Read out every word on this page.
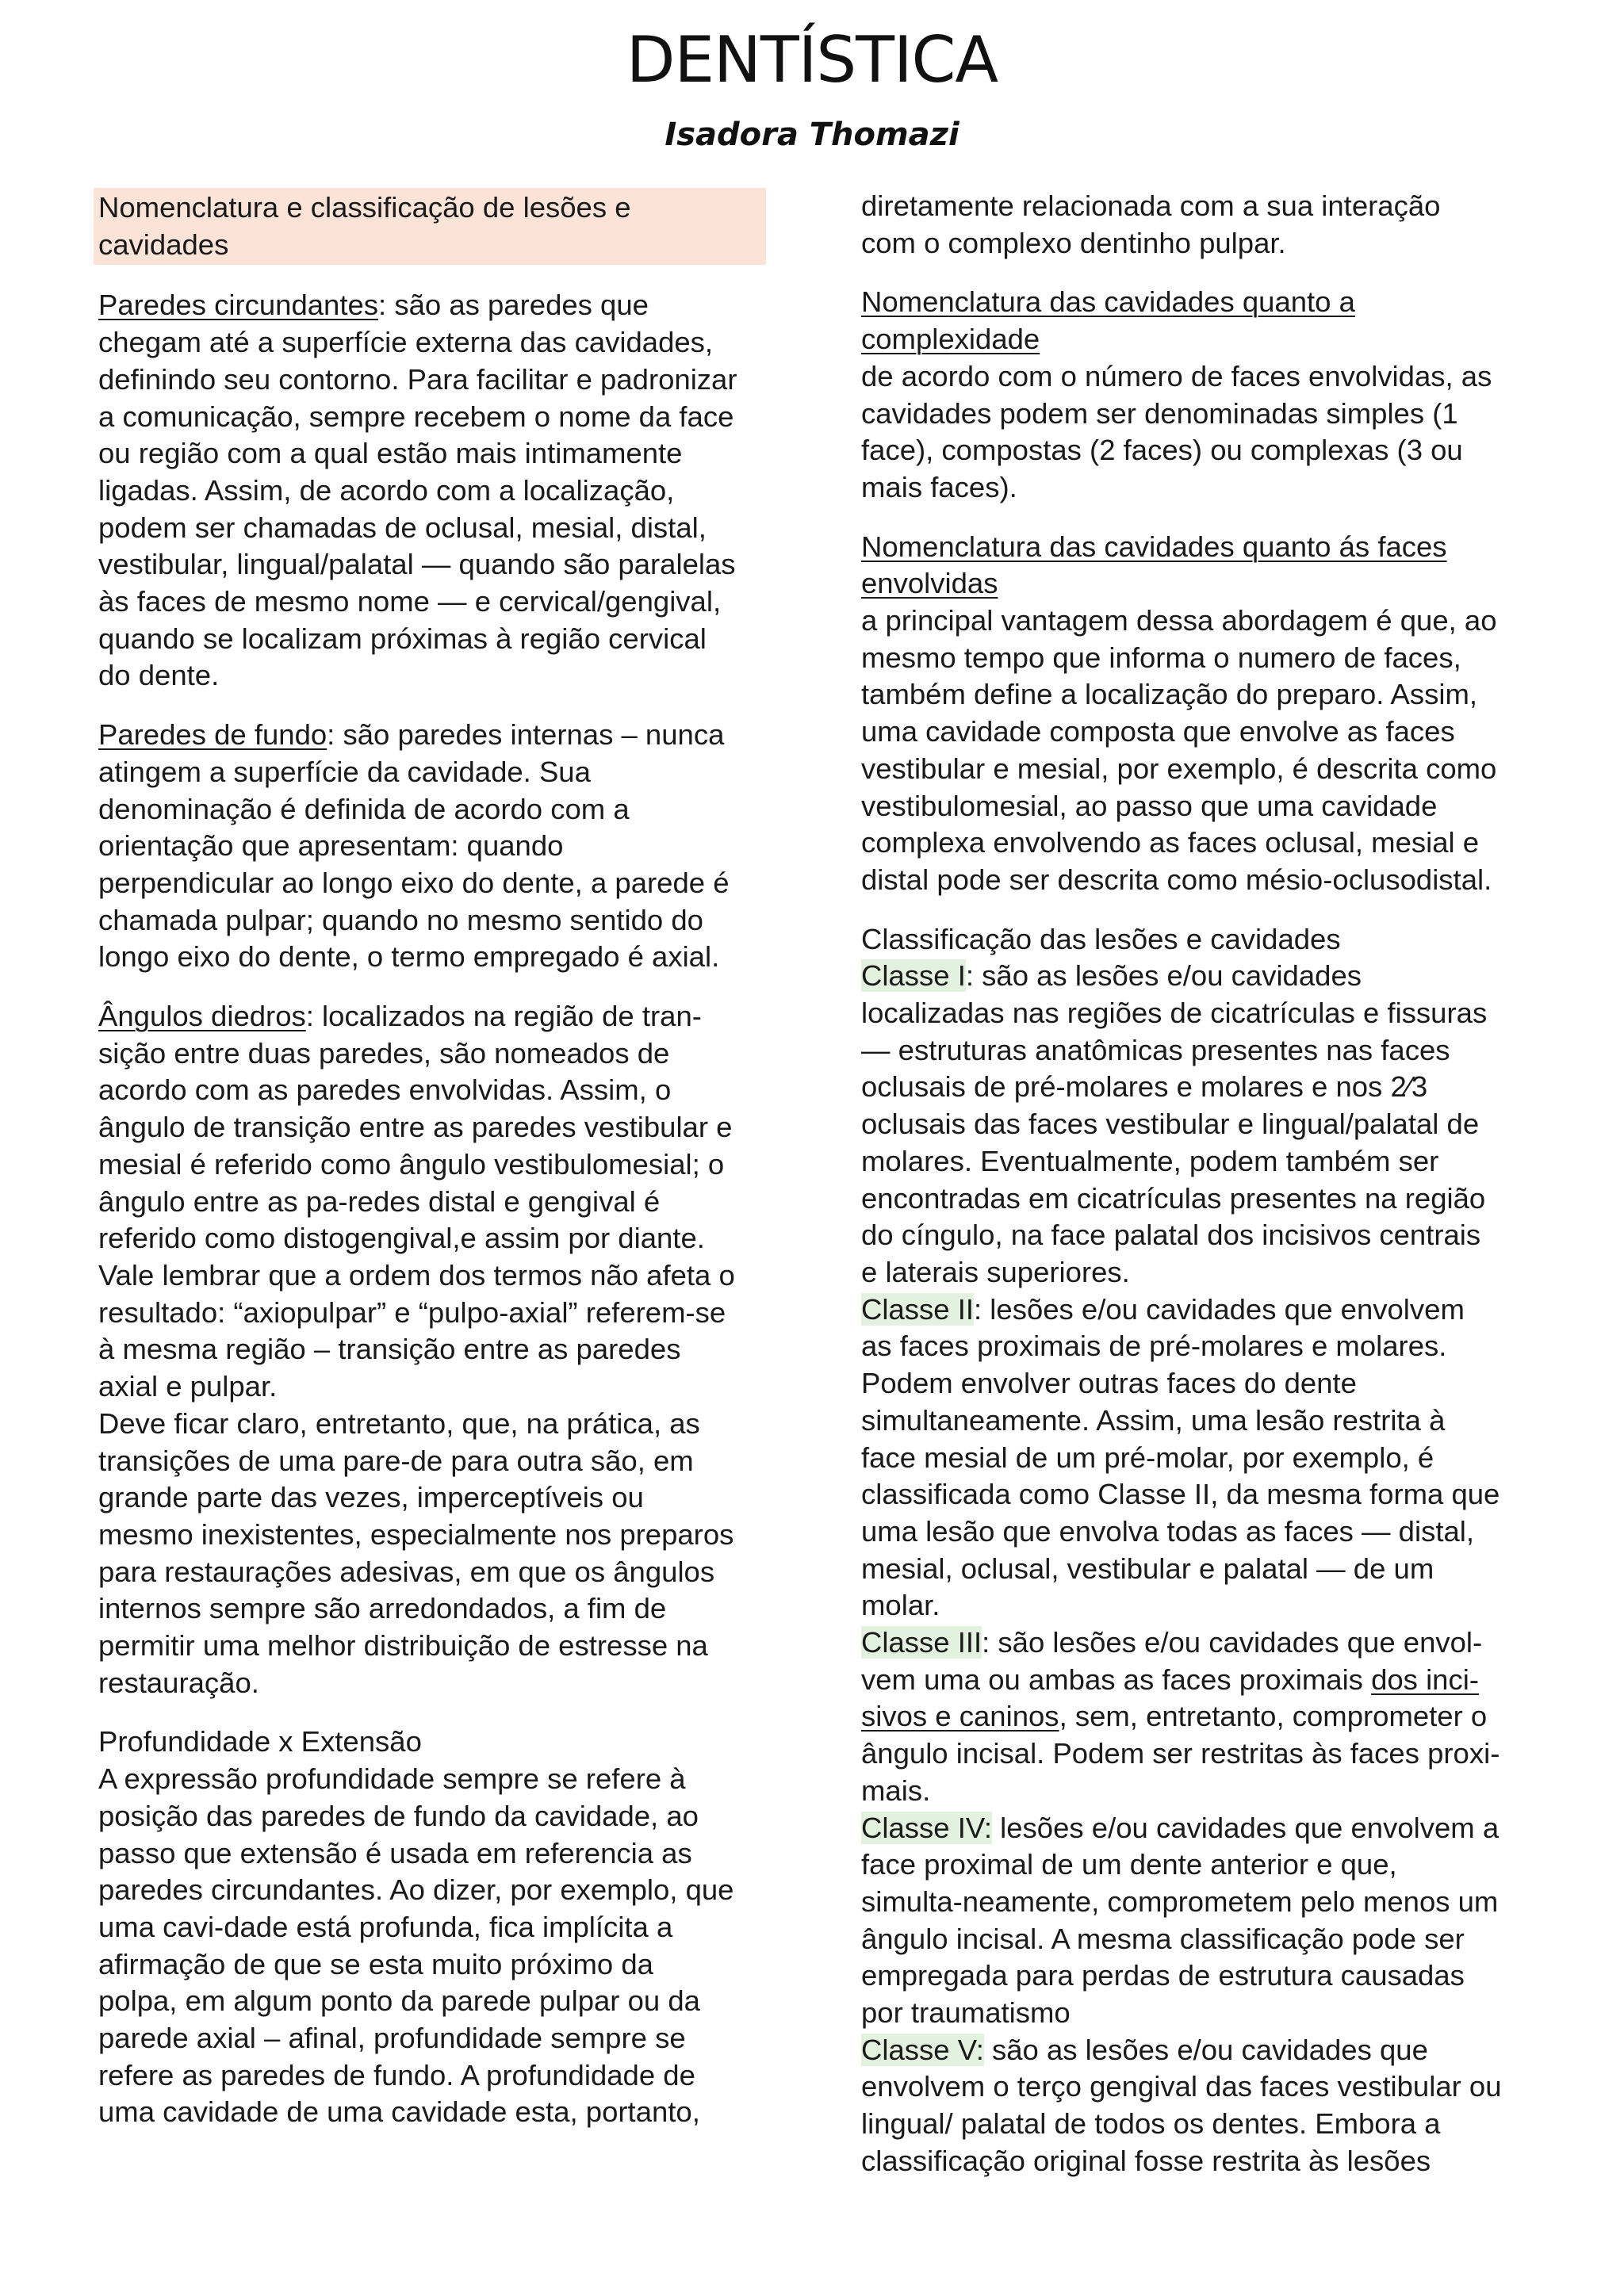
DENTÍSTICA
Isadora Thomazi
Nomenclatura e classificação de lesões e
cavidades
Paredes circundantes: são as paredes que
chegam até a superfície externa das cavidades,
definindo seu contorno. Para facilitar e padronizar
a comunicação, sempre recebem o nome da face
ou região com a qual estão mais intimamente
ligadas. Assim, de acordo com a localização,
podem ser chamadas de oclusal, mesial, distal,
vestibular, lingual/palatal — quando são paralelas
às faces de mesmo nome — e cervical/gengival,
quando se localizam próximas à região cervical
do dente.
Paredes de fundo: são paredes internas – nunca
atingem a superfície da cavidade. Sua
denominação é definida de acordo com a
orientação que apresentam: quando
perpendicular ao longo eixo do dente, a parede é
chamada pulpar; quando no mesmo sentido do
longo eixo do dente, o termo empregado é axial.
Ângulos diedros: localizados na região de tran-
sição entre duas paredes, são nomeados de
acordo com as paredes envolvidas. Assim, o
ângulo de transição entre as paredes vestibular e
mesial é referido como ângulo vestibulomesial; o
ângulo entre as pa-redes distal e gengival é
referido como distogengival,e assim por diante.
Vale lembrar que a ordem dos termos não afeta o
resultado: “axiopulpar” e “pulpo-axial” referem-se
à mesma região – transição entre as paredes
axial e pulpar.
Deve ficar claro, entretanto, que, na prática, as
transições de uma pare-de para outra são, em
grande parte das vezes, imperceptíveis ou
mesmo inexistentes, especialmente nos preparos
para restaurações adesivas, em que os ângulos
internos sempre são arredondados, a fim de
permitir uma melhor distribuição de estresse na
restauração.
Profundidade x Extensão
A expressão profundidade sempre se refere à
posição das paredes de fundo da cavidade, ao
passo que extensão é usada em referencia as
paredes circundantes. Ao dizer, por exemplo, que
uma cavi-dade está profunda, fica implícita a
afirmação de que se esta muito próximo da
polpa, em algum ponto da parede pulpar ou da
parede axial – afinal, profundidade sempre se
refere as paredes de fundo. A profundidade de
uma cavidade de uma cavidade esta, portanto,
diretamente relacionada com a sua interação
com o complexo dentinho pulpar.
Nomenclatura das cavidades quanto a
complexidade
de acordo com o número de faces envolvidas, as
cavidades podem ser denominadas simples (1
face), compostas (2 faces) ou complexas (3 ou
mais faces).
Nomenclatura das cavidades quanto ás faces
envolvidas
a principal vantagem dessa abordagem é que, ao
mesmo tempo que informa o numero de faces,
também define a localização do preparo. Assim,
uma cavidade composta que envolve as faces
vestibular e mesial, por exemplo, é descrita como
vestibulomesial, ao passo que uma cavidade
complexa envolvendo as faces oclusal, mesial e
distal pode ser descrita como mésio-oclusodistal.
Classificação das lesões e cavidades
Classe I: são as lesões e/ou cavidades
localizadas nas regiões de cicatrículas e fissuras
— estruturas anatômicas presentes nas faces
oclusais de pré-molares e molares e nos 2⁄3
oclusais das faces vestibular e lingual/palatal de
molares. Eventualmente, podem também ser
encontradas em cicatrículas presentes na região
do cíngulo, na face palatal dos incisivos centrais
e laterais superiores.
Classe II: lesões e/ou cavidades que envolvem
as faces proximais de pré-molares e molares.
Podem envolver outras faces do dente
simultaneamente. Assim, uma lesão restrita à
face mesial de um pré-molar, por exemplo, é
classificada como Classe II, da mesma forma que
uma lesão que envolva todas as faces — distal,
mesial, oclusal, vestibular e palatal — de um
molar.
Classe III: são lesões e/ou cavidades que envol-
vem uma ou ambas as faces proximais dos inci-
sivos e caninos, sem, entretanto, comprometer o
ângulo incisal. Podem ser restritas às faces proxi-
mais.
Classe IV: lesões e/ou cavidades que envolvem a
face proximal de um dente anterior e que,
simulta-neamente, comprometem pelo menos um
ângulo incisal. A mesma classificação pode ser
empregada para perdas de estrutura causadas
por traumatismo
Classe V: são as lesões e/ou cavidades que
envolvem o terço gengival das faces vestibular ou
lingual/ palatal de todos os dentes. Embora a
classificação original fosse restrita às lesões
